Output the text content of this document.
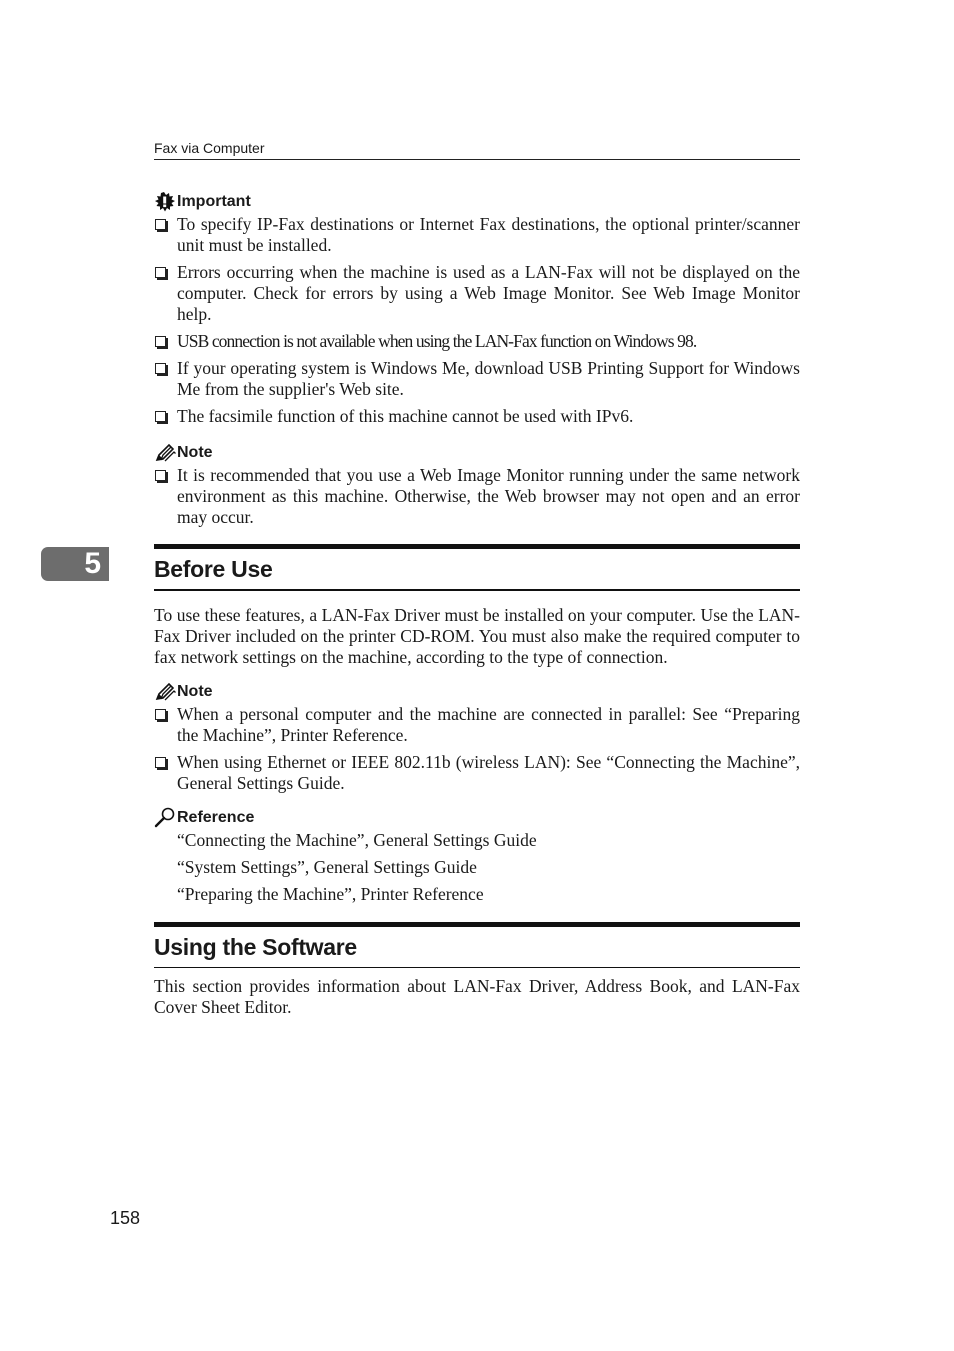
Fax via Computer
5
Important
To specify IP-Fax destinations or Internet Fax destinations, the optional printer/scanner unit must be installed.
Errors occurring when the machine is used as a LAN-Fax will not be displayed on the computer. Check for errors by using a Web Image Monitor. See Web Image Monitor help.
USB connection is not available when using the LAN-Fax function on Windows 98.
If your operating system is Windows Me, download USB Printing Support for Windows Me from the supplier's Web site.
The facsimile function of this machine cannot be used with IPv6.
Note
It is recommended that you use a Web Image Monitor running under the same network environment as this machine. Otherwise, the Web browser may not open and an error may occur.
Before Use

To use these features, a LAN-Fax Driver must be installed on your computer. Use the LAN-Fax Driver included on the printer CD-ROM. You must also make the required computer to fax network settings on the machine, according to the type of connection.

Note
When a personal computer and the machine are connected in parallel: See “Preparing the Machine”, Printer Reference.
When using Ethernet or IEEE 802.11b (wireless LAN): See “Connecting the Machine”, General Settings Guide.
Reference
“Connecting the Machine”, General Settings Guide
“System Settings”, General Settings Guide
“Preparing the Machine”, Printer Reference
Using the Software

This section provides information about LAN-Fax Driver, Address Book, and LAN-Fax Cover Sheet Editor.

158
